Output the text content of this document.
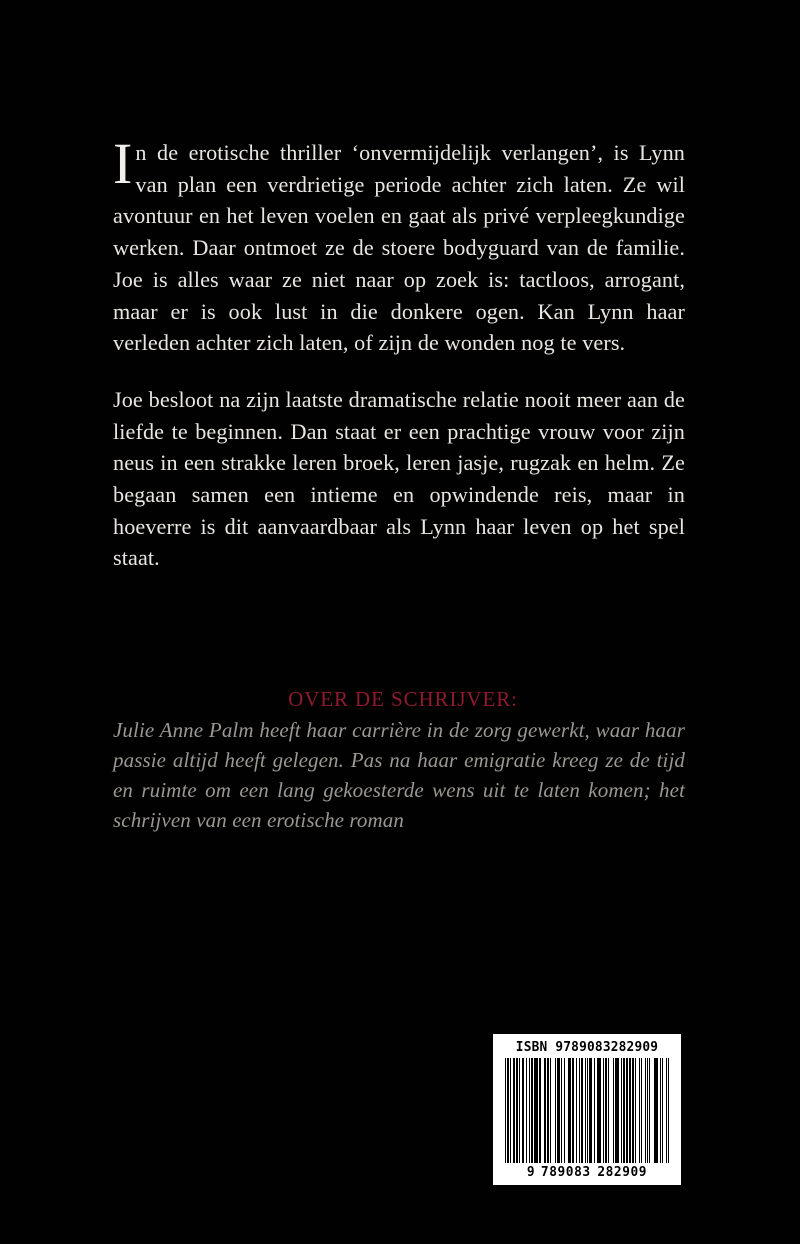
In de erotische thriller ‘onvermijdelijk verlangen’, is Lynn van plan een verdrietige periode achter zich laten. Ze wil avontuur en het leven voelen en gaat als privé verpleegkundige werken. Daar ontmoet ze de stoere bodyguard van de familie. Joe is alles waar ze niet naar op zoek is: tactloos, arrogant, maar er is ook lust in die donkere ogen. Kan Lynn haar verleden achter zich laten, of zijn de wonden nog te vers.

Joe besloot na zijn laatste dramatische relatie nooit meer aan de liefde te beginnen. Dan staat er een prachtige vrouw voor zijn neus in een strakke leren broek, leren jasje, rugzak en helm. Ze begaan samen een intieme en opwindende reis, maar in hoeverre is dit aanvaardbaar als Lynn haar leven op het spel staat.

OVER DE SCHRIJVER:

Julie Anne Palm heeft haar carrière in de zorg gewerkt, waar haar passie altijd heeft gelegen. Pas na haar emigratie kreeg ze de tijd en ruimte om een lang gekoesterde wens uit te laten komen; het schrijven van een erotische roman

ISBN 9789083282909
9 789083 282909
